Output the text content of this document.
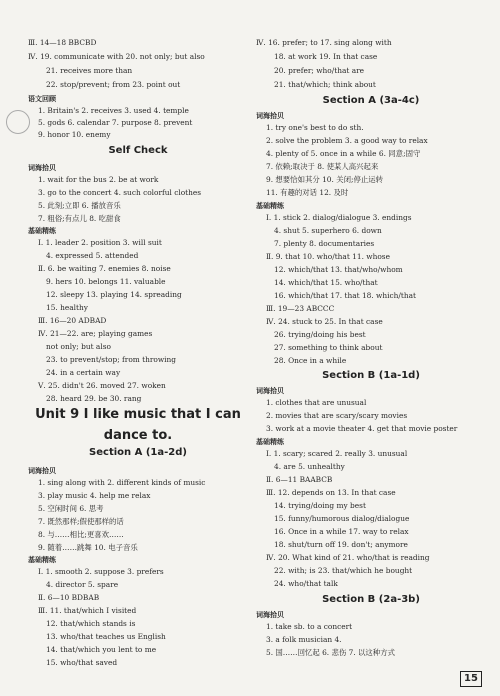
Ⅲ. 14—18 BBCBD
Ⅳ. 19. communicate with 20. not only; but also
21. receives more than
22. stop/prevent; from 23. point out
语文回顾
1. Britain's 2. receives 3. used 4. temple
5. gods 6. calendar 7. purpose 8. prevent
9. honor 10. enemy
词海拾贝
1. wait for the bus 2. be at work
3. go to the concert 4. such colorful clothes
5. 此刻;立即 6. 播放音乐
7. 粗俗;有点儿 8. 吃甜食
基础精练
Ⅰ. 1. leader 2. position 3. will suit
4. expressed 5. attended
Ⅱ. 6. be waiting 7. enemies 8. noise
9. hers 10. belongs 11. valuable
12. sleepy 13. playing 14. spreading
15. healthy
Ⅲ. 16—20 ADBAD
Ⅳ. 21—22. are; playing games
not only; but also
23. to prevent/stop; from throwing
24. in a certain way
Ⅴ. 25. didn't 26. moved 27. woken
28. heard 29. be 30. rang
词海拾贝
1. sing along with 2. different kinds of music
3. play music 4. help me relax
5. 空闲时间 6. 思考
7. 既然那样;假使那样的话
8. 与……相比;更喜欢……
9. 随着……跳舞 10. 电子音乐
基础精练
Ⅰ. 1. smooth 2. suppose 3. prefers
4. director 5. spare
Ⅱ. 6—10 BDBAB
Ⅲ. 11. that/which I visited
12. that/which stands is
13. who/that teaches us English
14. that/which you lent to me
15. who/that saved
Self Check
Unit 9 I like music that I can
dance to.
Section A (1a-2d)
Ⅳ. 16. prefer; to 17. sing along with
18. at work 19. In that case
20. prefer; who/that are
21. that/which; think about
词海拾贝
1. try one's best to do sth.
2. solve the problem 3. a good way to relax
4. plenty of 5. once in a while 6. 同意;固守
7. 依赖;取决于 8. 使某人高兴起来
9. 想要恰如其分 10. 关闭;停止运转
11. 有趣的对话 12. 及时
基础精练
Ⅰ. 1. stick 2. dialog/dialogue 3. endings
4. shut 5. superhero 6. down
7. plenty 8. documentaries
Ⅱ. 9. that 10. who/that 11. whose
12. which/that 13. that/who/whom
14. which/that 15. who/that
16. which/that 17. that 18. which/that
Ⅲ. 19—23 ABCCC
Ⅳ. 24. stuck to 25. In that case
26. trying/doing his best
27. something to think about
28. Once in a while
词海拾贝
1. clothes that are unusual
2. movies that are scary/scary movies
3. work at a movie theater 4. get that movie poster
基础精练
Ⅰ. 1. scary; scared 2. really 3. unusual
4. are 5. unhealthy
Ⅱ. 6—11 BAABCB
Ⅲ. 12. depends on 13. In that case
14. trying/doing my best
15. funny/humorous dialog/dialogue
16. Once in a while 17. way to relax
18. shut/turn off 19. don't; anymore
Ⅳ. 20. What kind of 21. who/that is reading
22. with; is 23. that/which he bought
24. who/that talk
词海拾贝
1. take sb. to a concert
3. a folk musician 4.
5. 国……回忆起 6. 悲伤 7. 以这种方式
Section A (3a-4c)
Section B (1a-1d)
Section B (2a-3b)
15
